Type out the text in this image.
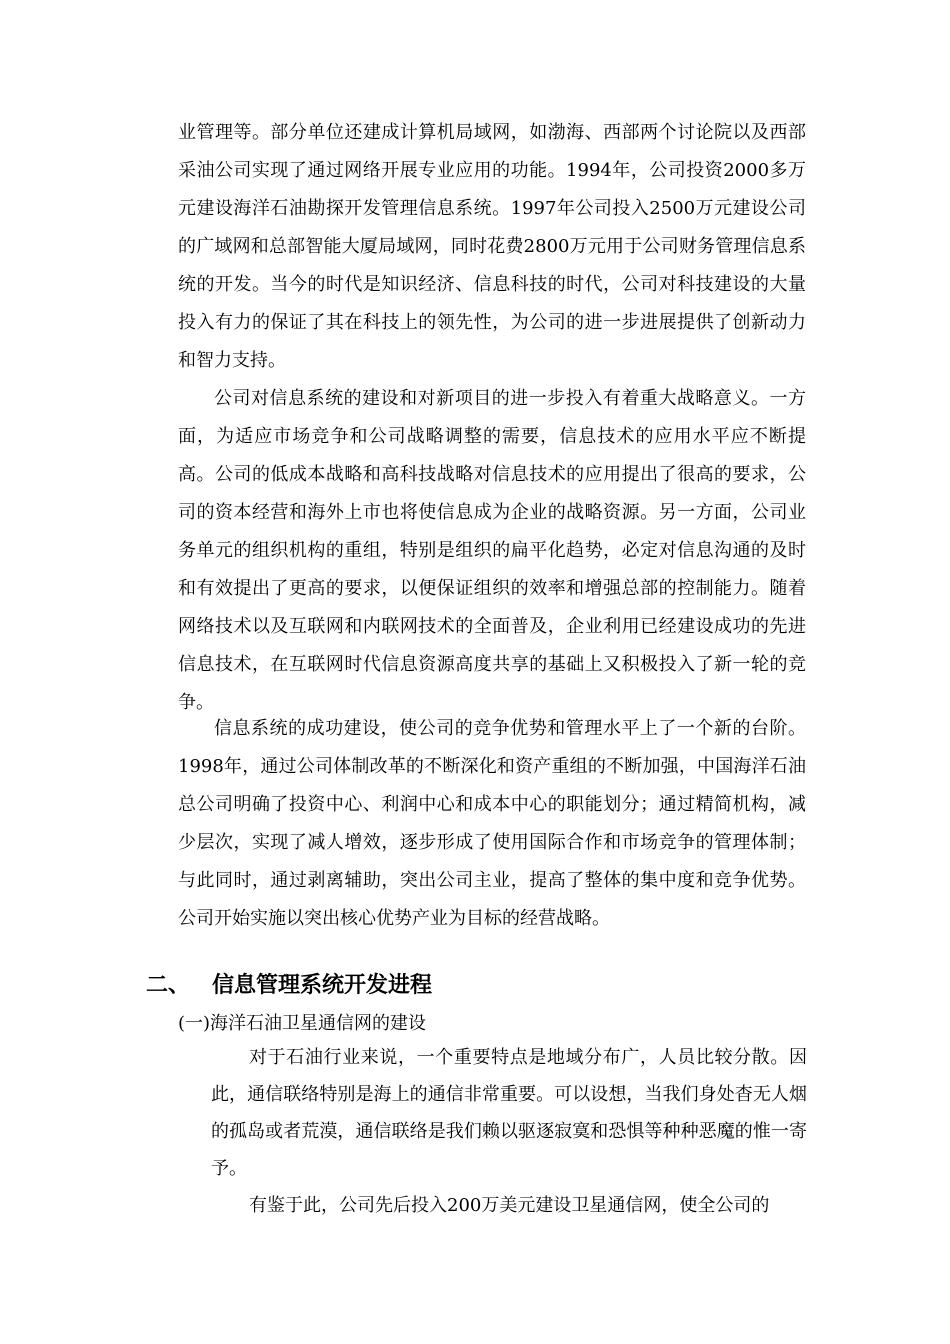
业管理等。部分单位还建成计算机局域网，如渤海、西部两个讨论院以及西部采油公司实现了通过网络开展专业应用的功能。1994年，公司投资2000多万元建设海洋石油勘探开发管理信息系统。1997年公司投入2500万元建设公司的广域网和总部智能大厦局域网，同时花费2800万元用于公司财务管理信息系统的开发。当今的时代是知识经济、信息科技的时代，公司对科技建设的大量投入有力的保证了其在科技上的领先性，为公司的进一步进展提供了创新动力和智力支持。

公司对信息系统的建设和对新项目的进一步投入有着重大战略意义。一方面，为适应市场竞争和公司战略调整的需要，信息技术的应用水平应不断提高。公司的低成本战略和高科技战略对信息技术的应用提出了很高的要求，公司的资本经营和海外上市也将使信息成为企业的战略资源。另一方面，公司业务单元的组织机构的重组，特别是组织的扁平化趋势，必定对信息沟通的及时和有效提出了更高的要求，以便保证组织的效率和增强总部的控制能力。随着网络技术以及互联网和内联网技术的全面普及，企业利用已经建设成功的先进信息技术，在互联网时代信息资源高度共享的基础上又积极投入了新一轮的竞争。

信息系统的成功建设，使公司的竞争优势和管理水平上了一个新的台阶。1998年，通过公司体制改革的不断深化和资产重组的不断加强，中国海洋石油总公司明确了投资中心、利润中心和成本中心的职能划分；通过精简机构，减少层次，实现了减人增效，逐步形成了使用国际合作和市场竞争的管理体制；与此同时，通过剥离辅助，突出公司主业，提高了整体的集中度和竞争优势。公司开始实施以突出核心优势产业为目标的经营战略。

二、 信息管理系统开发进程

(一)海洋石油卫星通信网的建设

对于石油行业来说，一个重要特点是地域分布广，人员比较分散。因此，通信联络特别是海上的通信非常重要。可以设想，当我们身处杳无人烟的孤岛或者荒漠，通信联络是我们赖以驱逐寂寞和恐惧等种种恶魔的惟一寄予。

有鉴于此，公司先后投入200万美元建设卫星通信网，使全公司的
